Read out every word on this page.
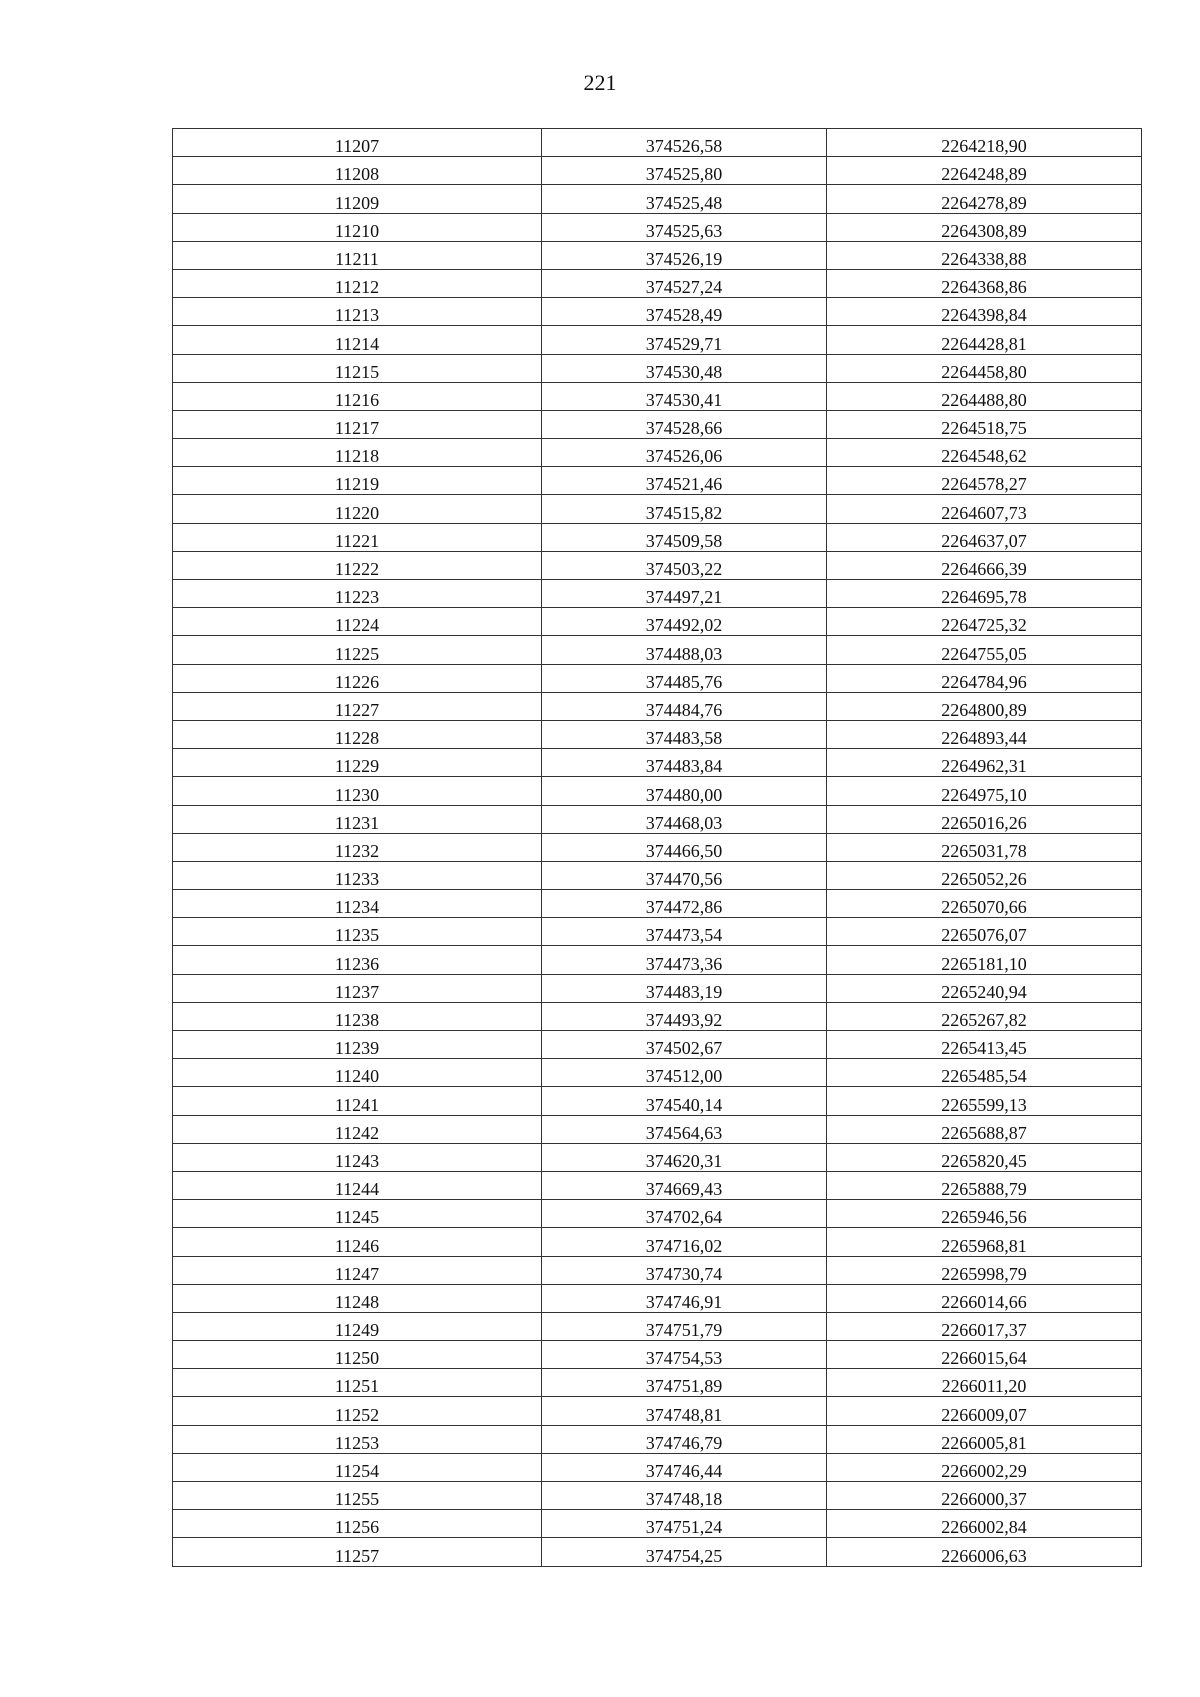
221
11207	374526,58	2264218,90
11208	374525,80	2264248,89
11209	374525,48	2264278,89
11210	374525,63	2264308,89
11211	374526,19	2264338,88
11212	374527,24	2264368,86
11213	374528,49	2264398,84
11214	374529,71	2264428,81
11215	374530,48	2264458,80
11216	374530,41	2264488,80
11217	374528,66	2264518,75
11218	374526,06	2264548,62
11219	374521,46	2264578,27
11220	374515,82	2264607,73
11221	374509,58	2264637,07
11222	374503,22	2264666,39
11223	374497,21	2264695,78
11224	374492,02	2264725,32
11225	374488,03	2264755,05
11226	374485,76	2264784,96
11227	374484,76	2264800,89
11228	374483,58	2264893,44
11229	374483,84	2264962,31
11230	374480,00	2264975,10
11231	374468,03	2265016,26
11232	374466,50	2265031,78
11233	374470,56	2265052,26
11234	374472,86	2265070,66
11235	374473,54	2265076,07
11236	374473,36	2265181,10
11237	374483,19	2265240,94
11238	374493,92	2265267,82
11239	374502,67	2265413,45
11240	374512,00	2265485,54
11241	374540,14	2265599,13
11242	374564,63	2265688,87
11243	374620,31	2265820,45
11244	374669,43	2265888,79
11245	374702,64	2265946,56
11246	374716,02	2265968,81
11247	374730,74	2265998,79
11248	374746,91	2266014,66
11249	374751,79	2266017,37
11250	374754,53	2266015,64
11251	374751,89	2266011,20
11252	374748,81	2266009,07
11253	374746,79	2266005,81
11254	374746,44	2266002,29
11255	374748,18	2266000,37
11256	374751,24	2266002,84
11257	374754,25	2266006,63
